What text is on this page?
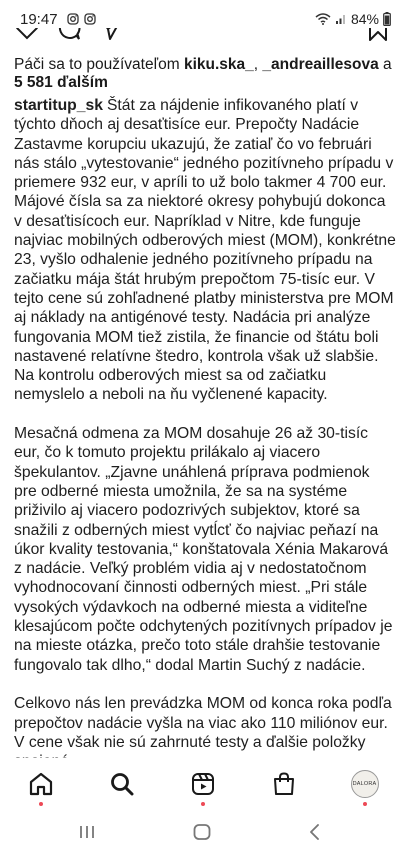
19:47	84%
Páči sa to používateľom kiku.ska_, _andreaillesova a
5 581 ďalším

startitup_sk Štát za nájdenie infikovaného platí v týchto dňoch aj desaťtisíce eur. Prepočty Nadácie Zastavme korupciu ukazujú, že zatiaľ čo vo februári nás stálo „vytestovanie“ jedného pozitívneho prípadu v priemere 932 eur, v apríli to už bolo takmer 4 700 eur. Májové čísla sa za niektoré okresy pohybujú dokonca v desaťtisícoch eur. Napríklad v Nitre, kde funguje najviac mobilných odberových miest (MOM), konkrétne 23, vyšlo odhalenie jedného pozitívneho prípadu na začiatku mája štát hrubým prepočtom 75-tisíc eur. V tejto cene sú zohľadnené platby ministerstva pre MOM aj náklady na antigénové testy. Nadácia pri analýze fungovania MOM tiež zistila, že financie od štátu boli nastavené relatívne štedro, kontrola však už slabšie. Na kontrolu odberových miest sa od začiatku nemyslelo a neboli na ňu vyčlenené kapacity.

Mesačná odmena za MOM dosahuje 26 až 30-tisíc eur, čo k tomuto projektu prilákalo aj viacero špekulantov. „Zjavne unáhlená príprava podmienok pre odberné miesta umožnila, že sa na systéme priživilo aj viacero podozrivých subjektov, ktoré sa snažili z odberných miest vytĺcť čo najviac peňazí na úkor kvality testovania,“ konštatovala Xénia Makarová z nadácie. Veľký problém vidia aj v nedostatočnom vyhodnocovaní činnosti odberných miest. „Pri stále vysokých výdavkoch na odberné miesta a viditeľne klesajúcom počte odchytených pozitívnych prípadov je na mieste otázka, prečo toto stále drahšie testovanie fungovalo tak dlho,“ dodal Martin Suchý z nadácie.

Celkovo nás len prevádzka MOM od konca roka podľa prepočtov nadácie vyšla na viac ako 110 miliónov eur. V cene však nie sú zahrnuté testy a ďalšie položky

DALORA
